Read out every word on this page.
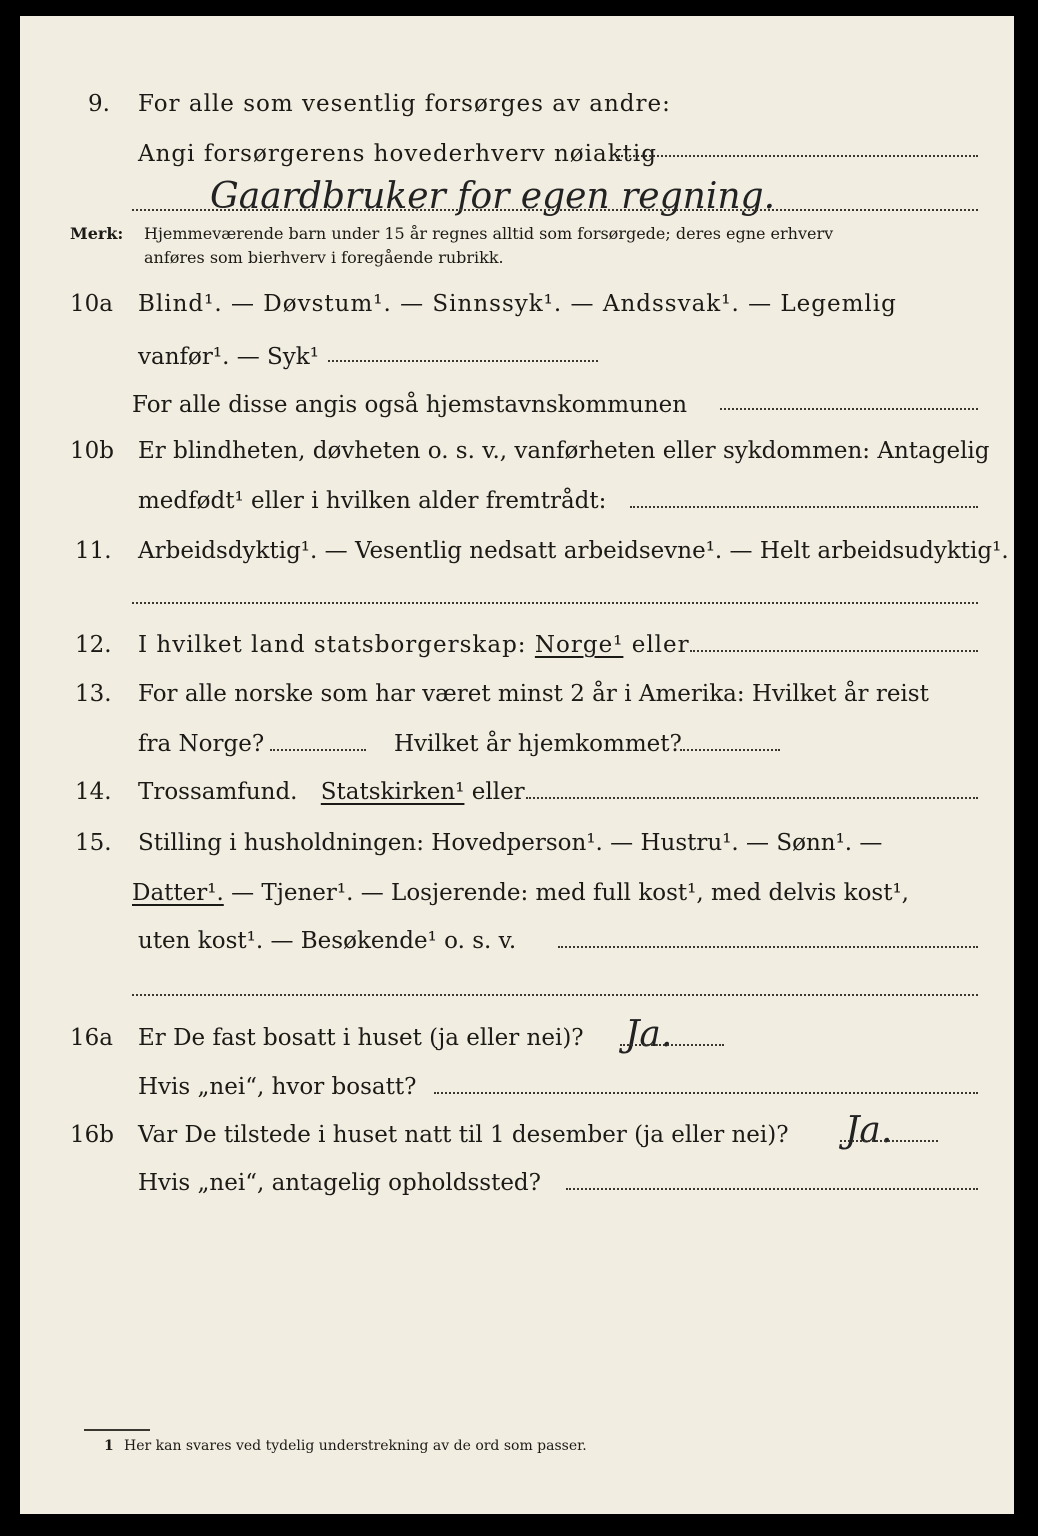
9. For alle som vesentlig forsørges av andre:
Angi forsørgerens hovederhverv nøiaktig
Gaardbruker for egen regning.
Merk: Hjemmeværende barn under 15 år regnes alltid som forsørgede; deres egne erhverv
anføres som bierhverv i foregående rubrikk.
10a Blind¹. — Døvstum¹. — Sinnssyk¹. — Andssvak¹. — Legemlig
vanfør¹. — Syk¹
For alle disse angis også hjemstavnskommunen
10b Er blindheten, døvheten o. s. v., vanførheten eller sykdommen: Antagelig
medfødt¹ eller i hvilken alder fremtrådt:
11. Arbeidsdyktig¹. — Vesentlig nedsatt arbeidsevne¹. — Helt arbeidsudyktig¹.
12. I hvilket land statsborgerskap: Norge¹ eller
13. For alle norske som har været minst 2 år i Amerika: Hvilket år reist
fra Norge?	Hvilket år hjemkommet?
14. Trossamfund. Statskirken¹ eller
15. Stilling i husholdningen: Hovedperson¹. — Hustru¹. — Sønn¹. —
Datter¹. — Tjener¹. — Losjerende: med full kost¹, med delvis kost¹,
uten kost¹. — Besøkende¹ o. s. v.
16a Er De fast bosatt i huset (ja eller nei)? Ja.
Hvis „nei“, hvor bosatt?
16b Var De tilstede i huset natt til 1 desember (ja eller nei)? Ja.
Hvis „nei“, antagelig opholdssted?
1 Her kan svares ved tydelig understrekning av de ord som passer.
